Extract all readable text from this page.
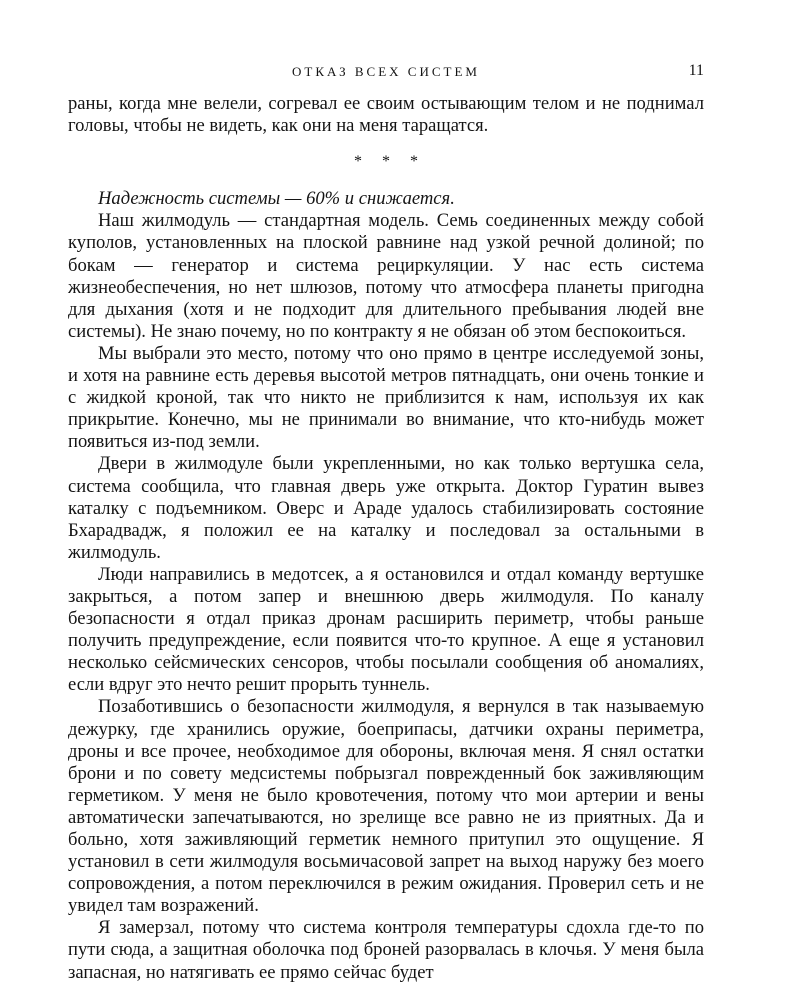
ОТКАЗ ВСЕХ СИСТЕМ	11

раны, когда мне велели, согревал ее своим остывающим телом и не поднимал головы, чтобы не видеть, как они на меня таращатся.

* * *

Надежность системы — 60% и снижается.

Наш жилмодуль — стандартная модель. Семь соединенных между собой куполов, установленных на плоской равнине над узкой речной долиной; по бокам — генератор и система рециркуляции. У нас есть система жизнеобеспечения, но нет шлюзов, потому что атмосфера планеты пригодна для дыхания (хотя и не подходит для длительного пребывания людей вне системы). Не знаю почему, но по контракту я не обязан об этом беспокоиться.

Мы выбрали это место, потому что оно прямо в центре исследуемой зоны, и хотя на равнине есть деревья высотой метров пятнадцать, они очень тонкие и с жидкой кроной, так что никто не приблизится к нам, используя их как прикрытие. Конечно, мы не принимали во внимание, что кто-нибудь может появиться из-под земли.

Двери в жилмодуле были укрепленными, но как только вертушка села, система сообщила, что главная дверь уже открыта. Доктор Гуратин вывез каталку с подъемником. Оверс и Араде удалось стабилизировать состояние Бхарадвадж, я положил ее на каталку и последовал за остальными в жилмодуль.

Люди направились в медотсек, а я остановился и отдал команду вертушке закрыться, а потом запер и внешнюю дверь жилмодуля. По каналу безопасности я отдал приказ дронам расширить периметр, чтобы раньше получить предупреждение, если появится что-то крупное. А еще я установил несколько сейсмических сенсоров, чтобы посылали сообщения об аномалиях, если вдруг это нечто решит прорыть туннель.

Позаботившись о безопасности жилмодуля, я вернулся в так называемую дежурку, где хранились оружие, боеприпасы, датчики охраны периметра, дроны и все прочее, необходимое для обороны, включая меня. Я снял остатки брони и по совету медсистемы побрызгал поврежденный бок заживляющим герметиком. У меня не было кровотечения, потому что мои артерии и вены автоматически запечатываются, но зрелище все равно не из приятных. Да и больно, хотя заживляющий герметик немного притупил это ощущение. Я установил в сети жилмодуля восьмичасовой запрет на выход наружу без моего сопровождения, а потом переключился в режим ожидания. Проверил сеть и не увидел там возражений.

Я замерзал, потому что система контроля температуры сдохла где-то по пути сюда, а защитная оболочка под броней разорвалась в клочья. У меня была запасная, но натягивать ее прямо сейчас будет
